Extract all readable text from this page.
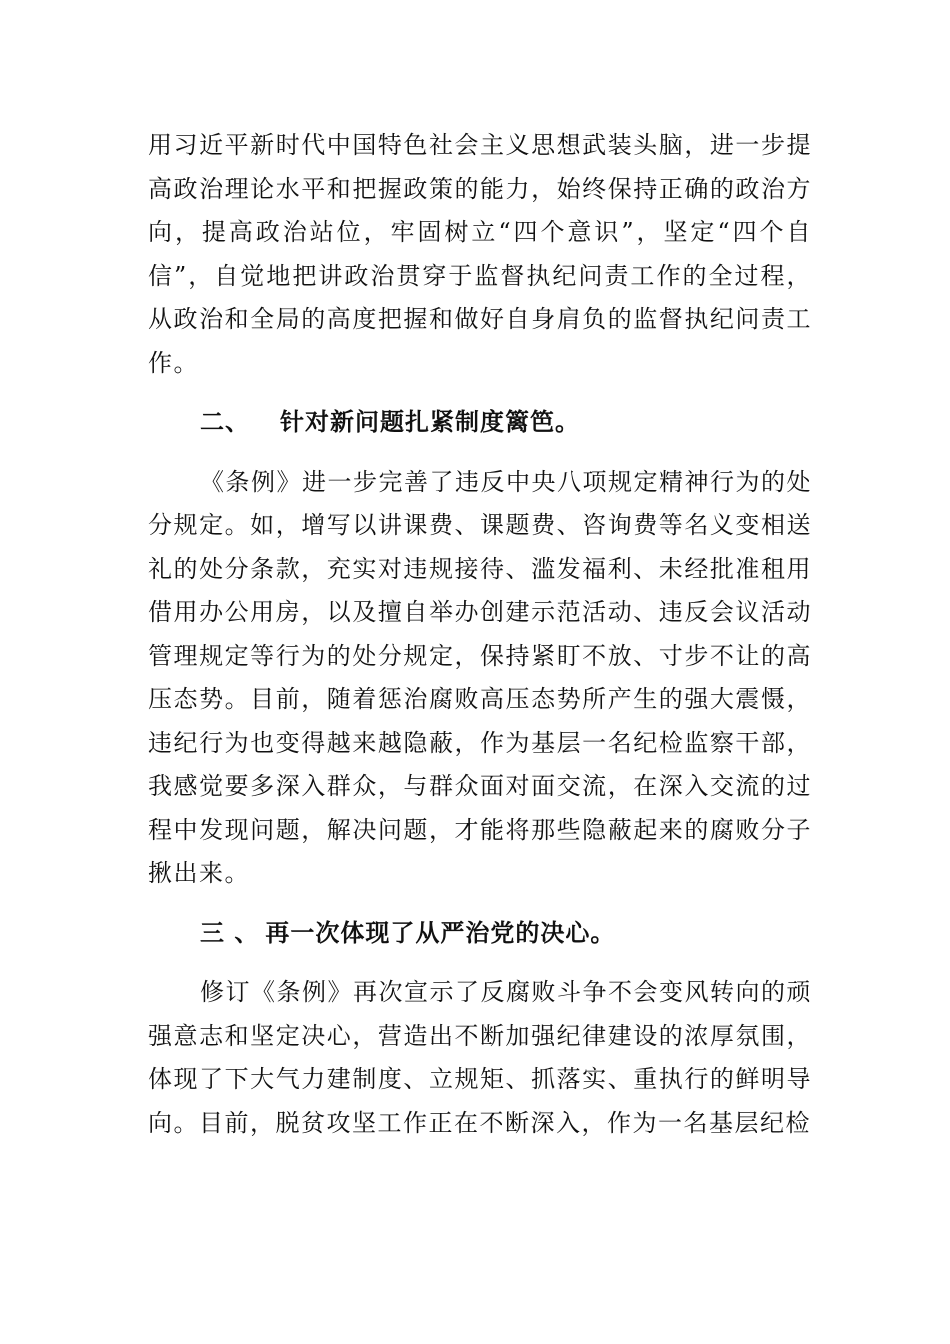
用习近平新时代中国特色社会主义思想武装头脑，进一步提高政治理论水平和把握政策的能力，始终保持正确的政治方向，提高政治站位，牢固树立“四个意识”，坚定“四个自信”，自觉地把讲政治贯穿于监督执纪问责工作的全过程，从政治和全局的高度把握和做好自身肩负的监督执纪问责工作。

二、 针对新问题扎紧制度篱笆。

《条例》进一步完善了违反中央八项规定精神行为的处分规定。如，增写以讲课费、课题费、咨询费等名义变相送礼的处分条款，充实对违规接待、滥发福利、未经批准租用借用办公用房，以及擅自举办创建示范活动、违反会议活动管理规定等行为的处分规定，保持紧盯不放、寸步不让的高压态势。目前，随着惩治腐败高压态势所产生的强大震慑，违纪行为也变得越来越隐蔽，作为基层一名纪检监察干部，我感觉要多深入群众，与群众面对面交流，在深入交流的过程中发现问题，解决问题，才能将那些隐蔽起来的腐败分子揪出来。

三 、 再一次体现了从严治党的决心。

修订《条例》再次宣示了反腐败斗争不会变风转向的顽强意志和坚定决心，营造出不断加强纪律建设的浓厚氛围，体现了下大气力建制度、立规矩、抓落实、重执行的鲜明导向。目前，脱贫攻坚工作正在不断深入，作为一名基层纪检
